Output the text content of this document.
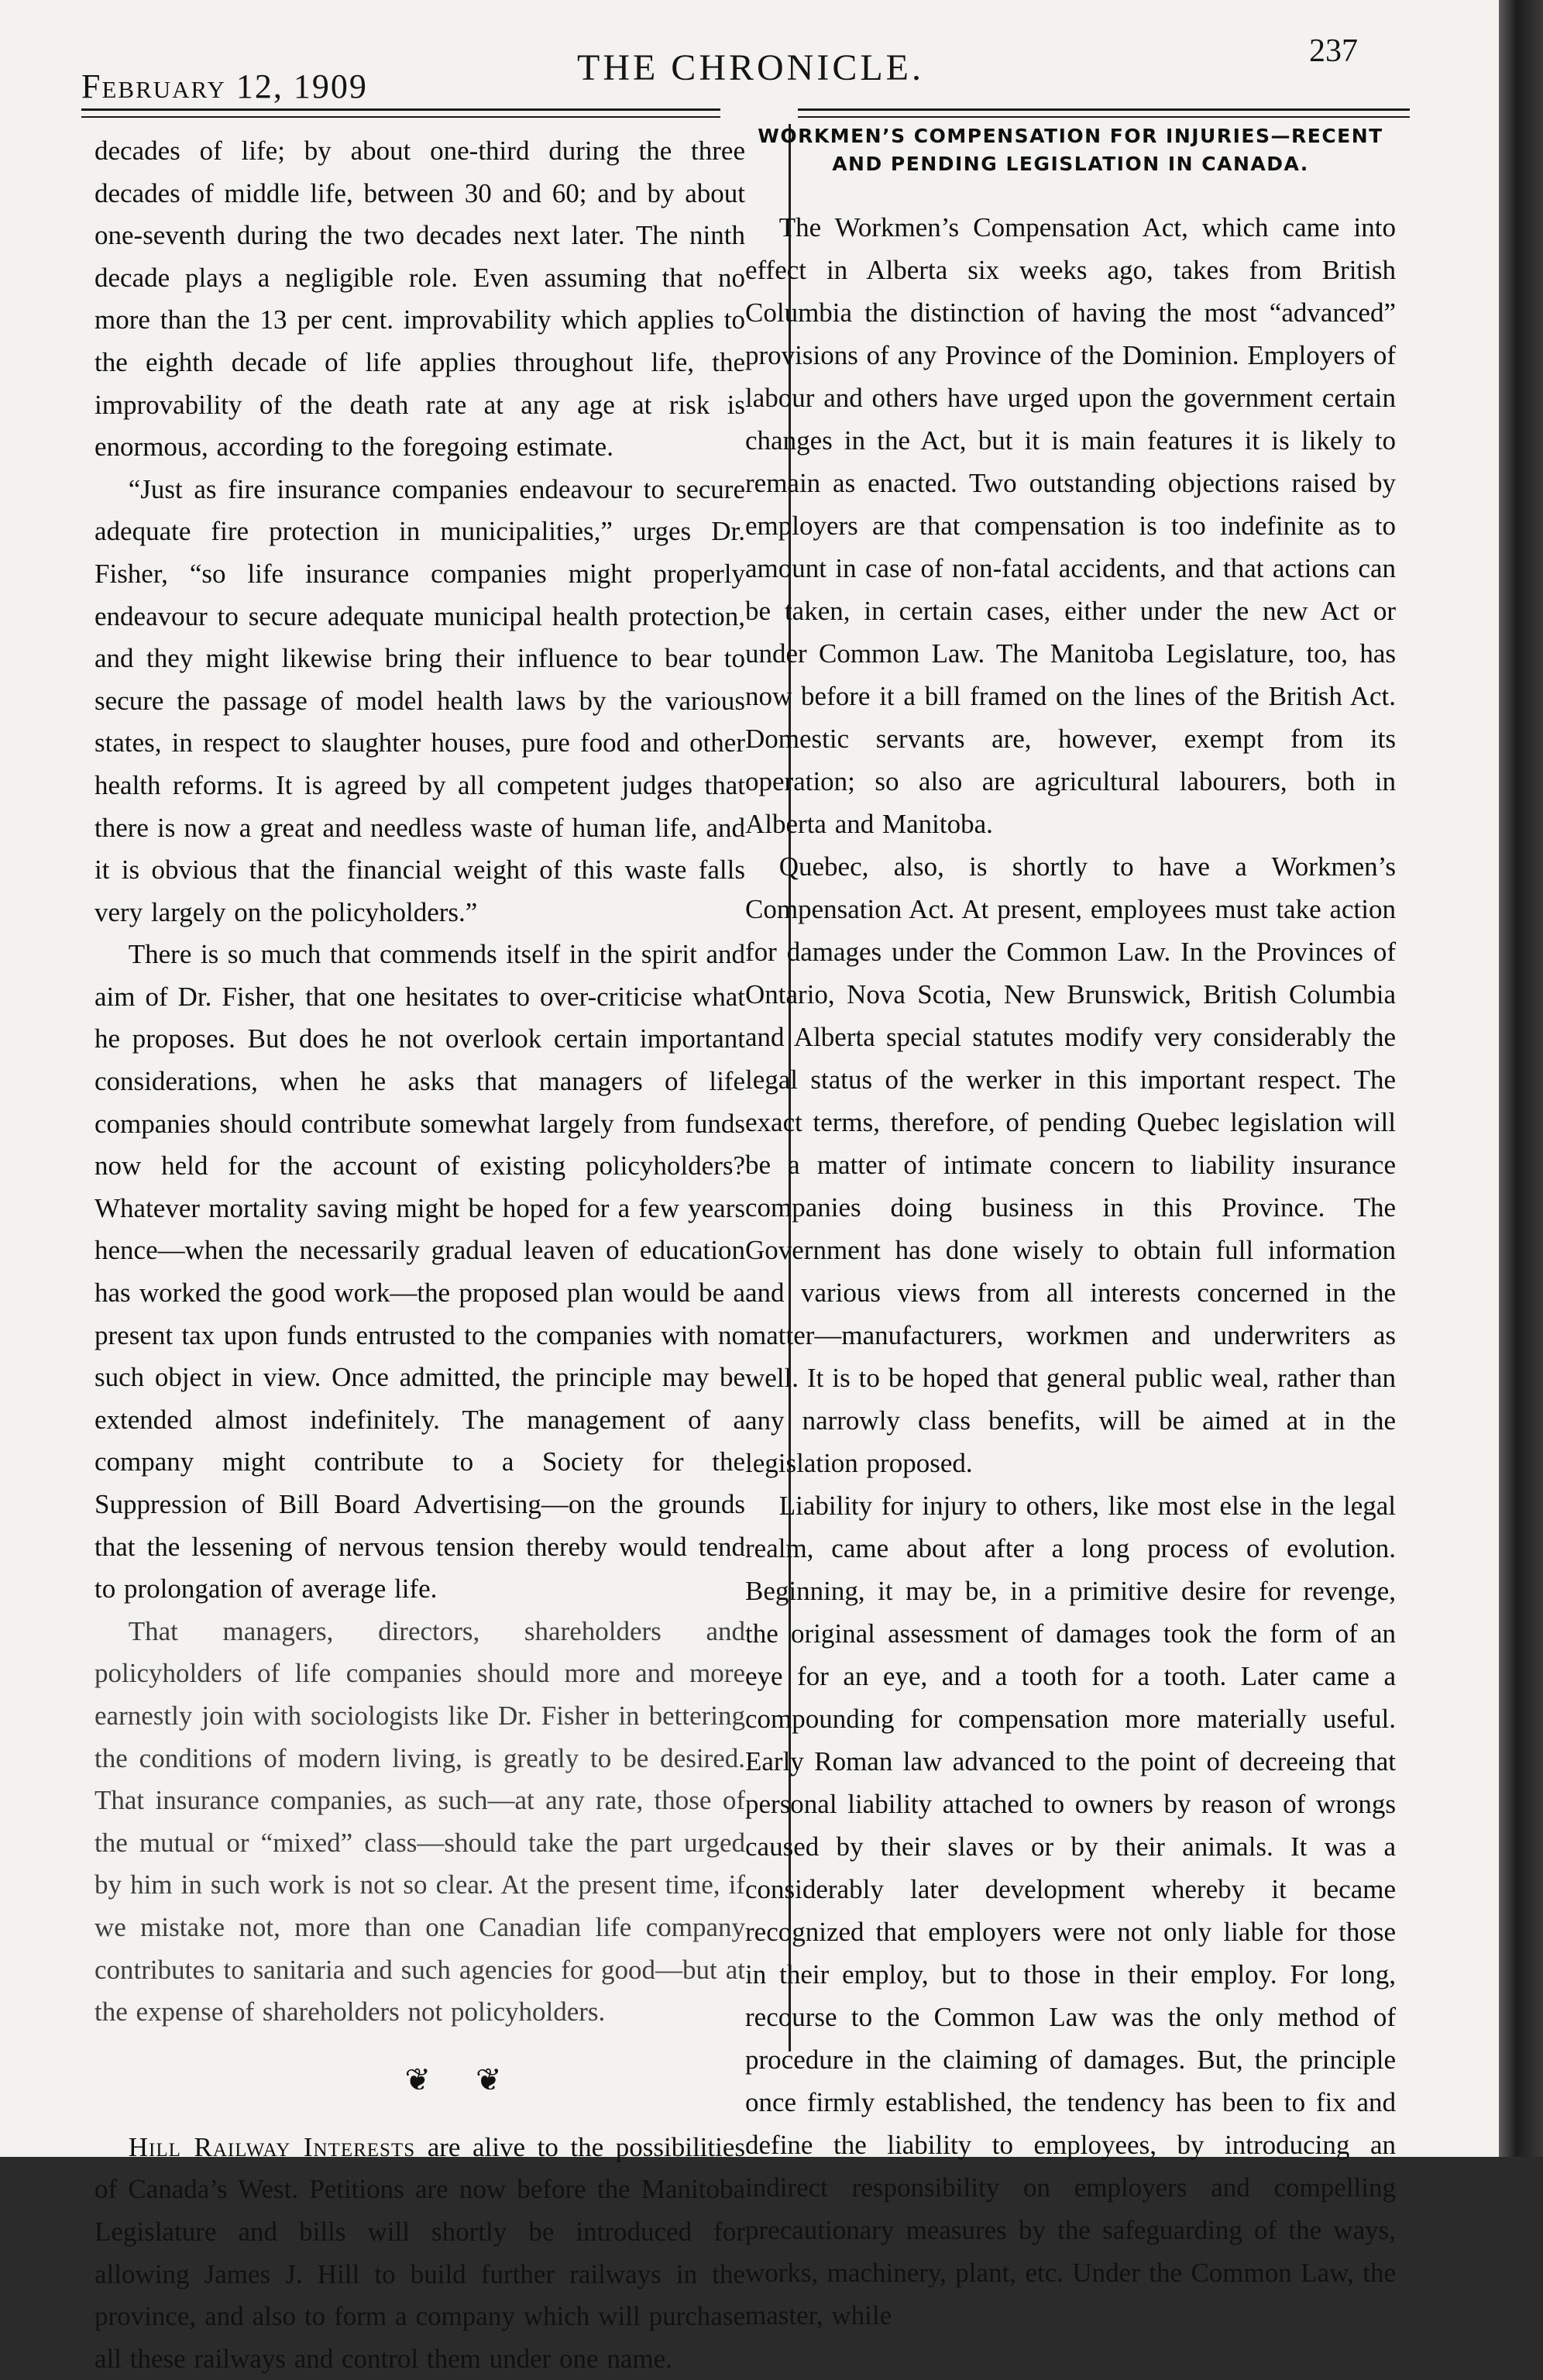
February 12, 1909	THE CHRONICLE.	237

decades of life; by about one-third during the three decades of middle life, between 30 and 60; and by about one-seventh during the two decades next later. The ninth decade plays a negligible role. Even assuming that no more than the 13 per cent. improvability which applies to the eighth decade of life applies throughout life, the improvability of the death rate at any age at risk is enormous, according to the foregoing estimate.

“Just as fire insurance companies endeavour to secure adequate fire protection in municipalities,” urges Dr. Fisher, “so life insurance companies might properly endeavour to secure adequate municipal health protection, and they might likewise bring their influence to bear to secure the passage of model health laws by the various states, in respect to slaughter houses, pure food and other health reforms. It is agreed by all competent judges that there is now a great and needless waste of human life, and it is obvious that the financial weight of this waste falls very largely on the policyholders.”

There is so much that commends itself in the spirit and aim of Dr. Fisher, that one hesitates to over-criticise what he proposes. But does he not overlook certain important considerations, when he asks that managers of life companies should contribute somewhat largely from funds now held for the account of existing policyholders? Whatever mortality saving might be hoped for a few years hence—when the necessarily gradual leaven of education has worked the good work—the proposed plan would be a present tax upon funds entrusted to the companies with no such object in view. Once admitted, the principle may be extended almost indefinitely. The management of a company might contribute to a Society for the Suppression of Bill Board Advertising—on the grounds that the lessening of nervous tension thereby would tend to prolongation of average life.

That managers, directors, shareholders and policyholders of life companies should more and more earnestly join with sociologists like Dr. Fisher in bettering the conditions of modern living, is greatly to be desired. That insurance companies, as such—at any rate, those of the mutual or “mixed” class—should take the part urged by him in such work is not so clear. At the present time, if we mistake not, more than one Canadian life company contributes to sanitaria and such agencies for good—but at the expense of shareholders not policyholders.

❦ ❦

Hill Railway Interests are alive to the possibilities of Canada’s West. Petitions are now before the Manitoba Legislature and bills will shortly be introduced for allowing James J. Hill to build further railways in the province, and also to form a company which will purchase all these railways and control them under one name.

WORKMEN’S COMPENSATION FOR INJURIES—RECENT AND PENDING LEGISLATION IN CANADA.

The Workmen’s Compensation Act, which came into effect in Alberta six weeks ago, takes from British Columbia the distinction of having the most “advanced” provisions of any Province of the Dominion. Employers of labour and others have urged upon the government certain changes in the Act, but it is main features it is likely to remain as enacted. Two outstanding objections raised by employers are that compensation is too indefinite as to amount in case of non-fatal accidents, and that actions can be taken, in certain cases, either under the new Act or under Common Law. The Manitoba Legislature, too, has now before it a bill framed on the lines of the British Act. Domestic servants are, however, exempt from its operation; so also are agricultural labourers, both in Alberta and Manitoba.

Quebec, also, is shortly to have a Workmen’s Compensation Act. At present, employees must take action for damages under the Common Law. In the Provinces of Ontario, Nova Scotia, New Brunswick, British Columbia and Alberta special statutes modify very considerably the legal status of the werker in this important respect. The exact terms, therefore, of pending Quebec legislation will be a matter of intimate concern to liability insurance companies doing business in this Province. The Government has done wisely to obtain full information and various views from all interests concerned in the matter—manufacturers, workmen and underwriters as well. It is to be hoped that general public weal, rather than any narrowly class benefits, will be aimed at in the legislation proposed.

Liability for injury to others, like most else in the legal realm, came about after a long process of evolution. Beginning, it may be, in a primitive desire for revenge, the original assessment of damages took the form of an eye for an eye, and a tooth for a tooth. Later came a compounding for compensation more materially useful. Early Roman law advanced to the point of decreeing that personal liability attached to owners by reason of wrongs caused by their slaves or by their animals. It was a considerably later development whereby it became recognized that employers were not only liable for those in their employ, but to those in their employ. For long, recourse to the Common Law was the only method of procedure in the claiming of damages. But, the principle once firmly established, the tendency has been to fix and define the liability to employees, by introducing an indirect responsibility on employers and compelling precautionary measures by the safeguarding of the ways, works, machinery, plant, etc. Under the Common Law, the master, while
